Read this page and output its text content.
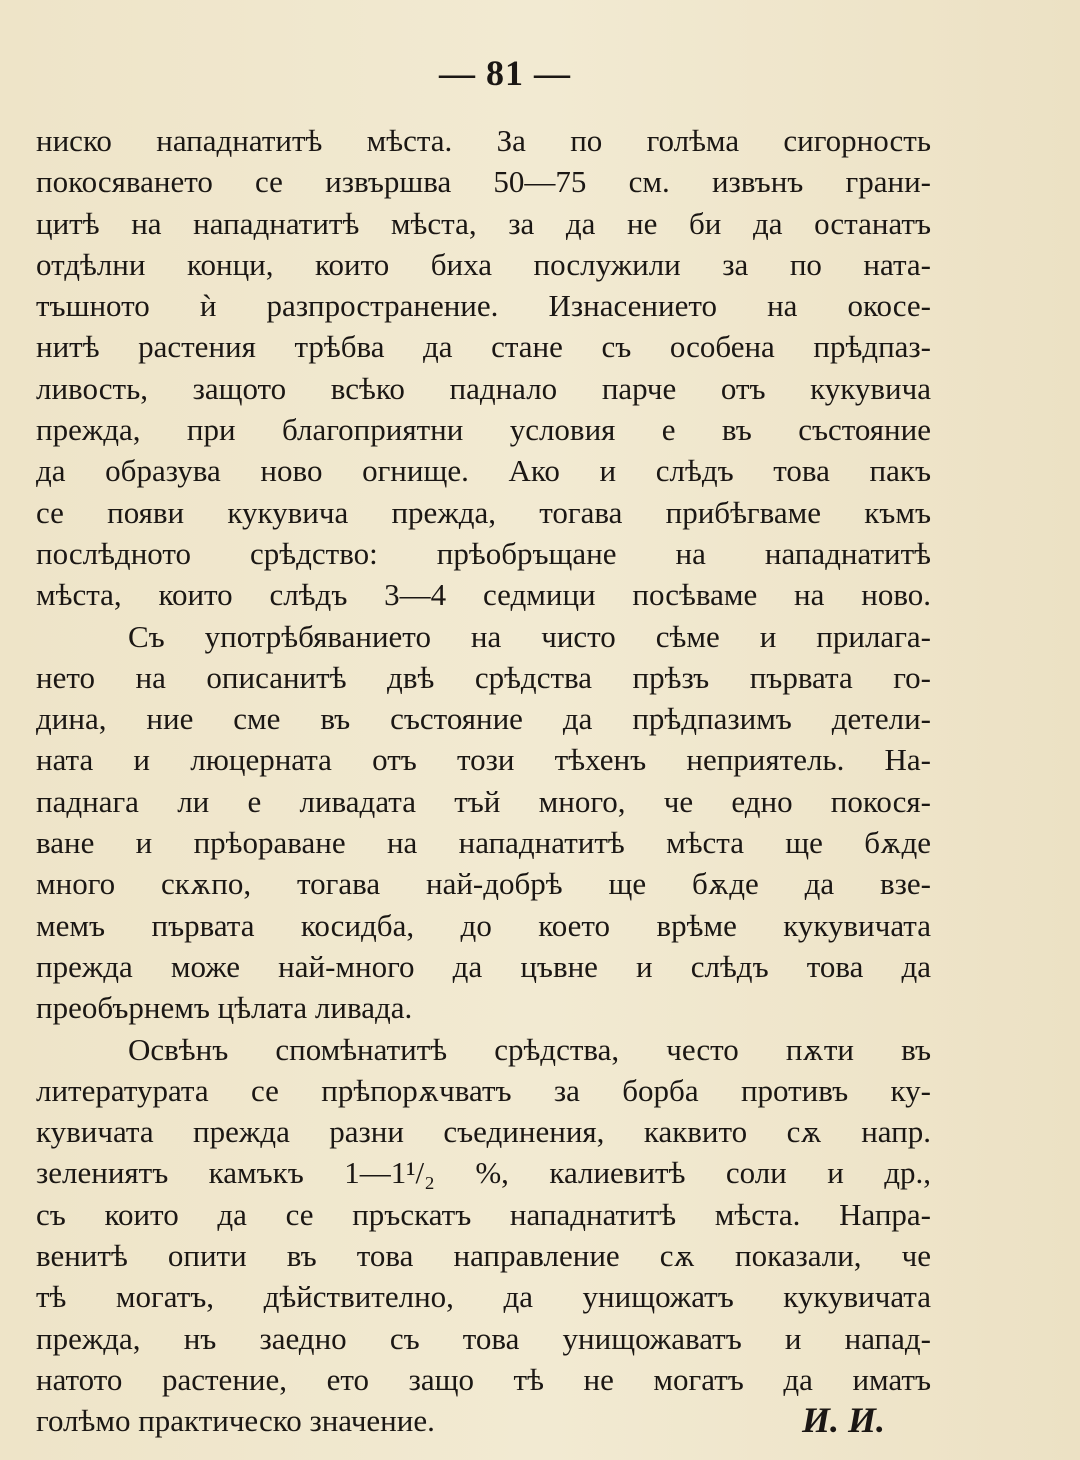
— 81 —
ниско нападнатитѣ мѣста. За по голѣма сигорность
покосяването се извършва 50—75 см. извънъ грани-
цитѣ на нападнатитѣ мѣста, за да не би да останатъ
отдѣлни конци, които биха послужили за по ната-
тъшното ѝ разпространение. Изнасението на окосе-
нитѣ растения трѣбва да стане съ особена прѣдпаз-
ливость, защото всѣко паднало парче отъ кукувича
прежда, при благоприятни условия е въ състояние
да образува ново огнище. Ако и слѣдъ това пакъ
се появи кукувича прежда, тогава прибѣгваме къмъ
послѣдното срѣдство: прѣобръщане на нападнатитѣ
мѣста, които слѣдъ 3—4 седмици посѣваме на ново.
Съ употрѣбяванието на чисто сѣме и прилага-
нето на описанитѣ двѣ срѣдства прѣзъ първата го-
дина, ние сме въ състояние да прѣдпазимъ детели-
ната и люцерната отъ този тѣхенъ неприятель. На-
паднага ли е ливадата тъй много, че едно покося-
ване и прѣораване на нападнатитѣ мѣста ще бѫде
много скѫпо, тогава най-добрѣ ще бѫде да взе-
мемъ първата косидба, до което врѣме кукувичата
прежда може най-много да цъвне и слѣдъ това да
преобърнемъ цѣлата ливада.
Освѣнъ спомѣнатитѣ срѣдства, често пѫти въ
литературата се прѣпорѫчватъ за борба противъ ку-
кувичата прежда разни съединения, каквито сѫ напр.
зелениятъ камъкъ 1—1¹/₂ %, калиевитѣ соли и др.,
съ които да се пръскатъ нападнатитѣ мѣста. Напра-
венитѣ опити въ това направление сѫ показали, че
тѣ могатъ, дѣйствително, да унищожатъ кукувичата
прежда, нъ заедно съ това унищожаватъ и напад-
натото растение, ето защо тѣ не могатъ да иматъ
голѣмо практическо значение.	И. И.
